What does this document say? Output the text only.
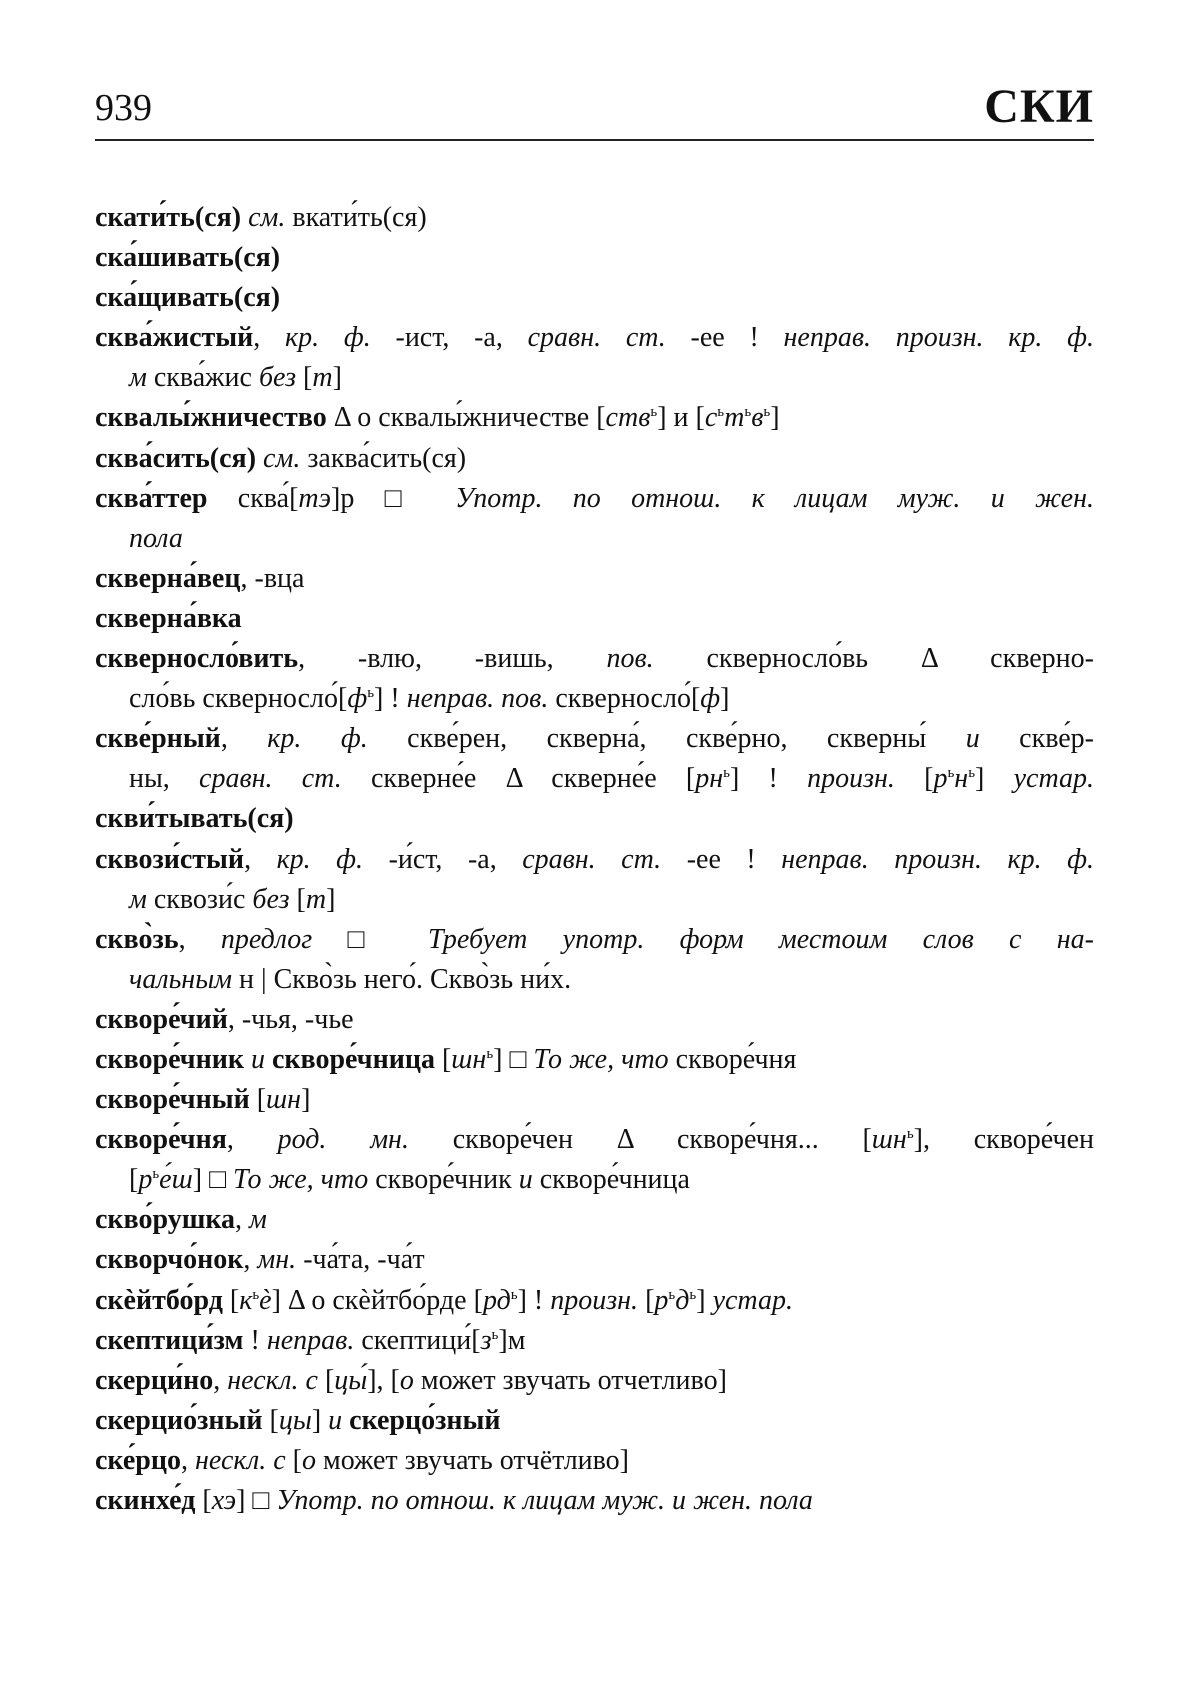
939	СКИ
скати́ть(ся) см. вкати́ть(ся)
ска́шивать(ся)
ска́щивать(ся)
сква́жистый, кр. ф. -ист, -а, сравн. ст. -ее ! неправ. произн. кр. ф.
м сква́жис без [т]
сквалы́жничество Δ о сквалы́жничестве [ств$^ь$] и $[с^ьт^ьв^ь]$
сква́сить(ся) см. заква́сить(ся)
сква́ттер сква́[тэ]р □ Употр. по отнош. к лицам муж. и жен.
пола
скверна́вец, -вца
скверна́вка
скверносло́вить, -влю, -вишь, пов. скверносло́вь Δ скверно-
сло́вь $скверносло́[ф^ь]$ ! неправ. пов. скверносло́[ф]
скве́рный, кр. ф. скве́рен, скверна́, скве́рно, скверны́ и скве́р-
ны, сравн. ст. скверне́е Δ скверне́е $[рн^ь]$ ! произн. $[р^ьн^ь]$ устар.
скви́тывать(ся)
сквози́стый, кр. ф. -и́ст, -а, сравн. ст. -ее ! неправ. произн. кр. ф.
м сквози́с без [т]
скво̀зь, предлог □ Требует употр. форм местоим слов с на-
чальным н | Скво̀зь него́. Скво̀зь ни́х.
скворе́чий, -чья, -чье
скворе́чник и скворе́чница $[шн^ь]$ □ То же, что скворе́чня
скворе́чный [шн]
скворе́чня, род. мн. скворе́чен Δ скворе́чня... $[шн^ь]$, скворе́чен
$[р^ье́ш]$ □ То же, что скворе́чник и скворе́чница
скво́рушка, м
скворчо́нок, мн. -ча́та, -ча́т
скѐйтбо́рд $[к^ьѐ]$ Δ о скѐйтбо́рде $[рд^ь]$ ! произн. $[р^ьд^ь]$ устар.
скептици́зм ! неправ. $скептици́[з^ь]м$
скерци́но, нескл. с [цы́], [о может звучать отчетливо]
скерцио́зный [цы] и скерцо́зный
ске́рцо, нескл. с [о может звучать отчётливо]
скинхе́д [хэ] □ Употр. по отнош. к лицам муж. и жен. пола
